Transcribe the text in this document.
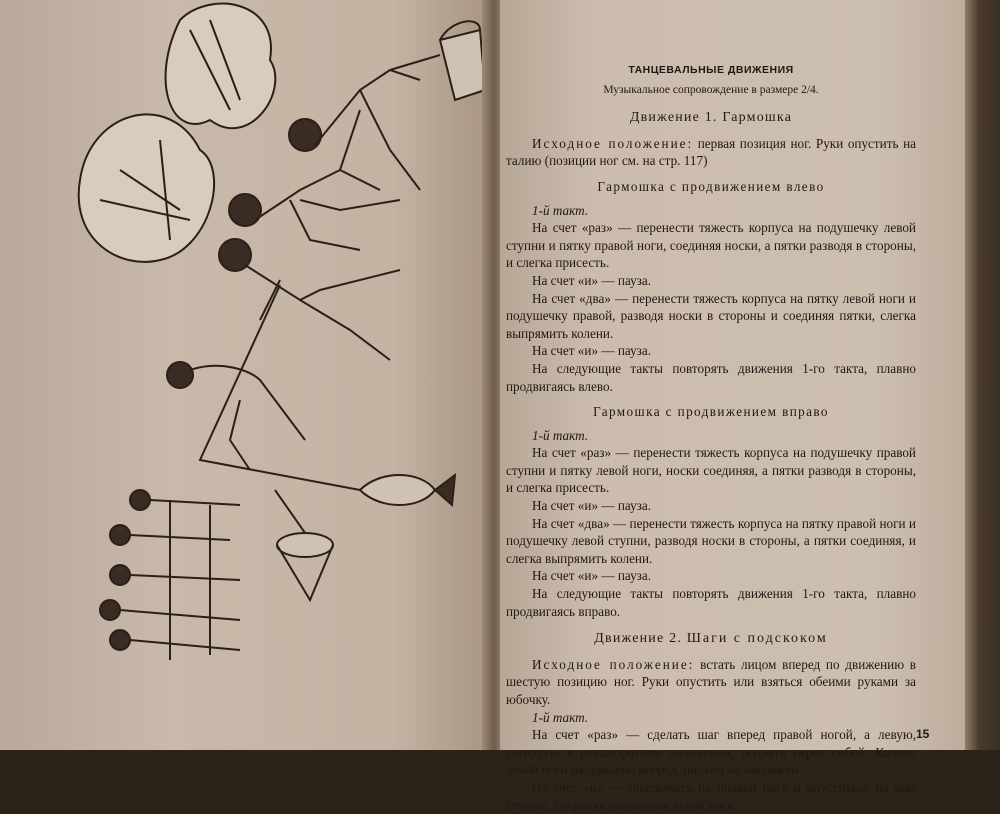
ТАНЦЕВАЛЬНЫЕ ДВИЖЕНИЯ

Музыкальное сопровождение в размере 2/4.

Движение 1. Гармошка

Исходное положение: первая позиция ног. Руки опустить на талию (позиции ног см. на стр. 117)

Гармошка с продвижением влево

1-й такт.

На счет «раз» — перенести тяжесть корпуса на подушечку левой ступни и пятку правой ноги, соединяя носки, а пятки разводя в стороны, и слегка присесть.

На счет «и» — пауза.

На счет «два» — перенести тяжесть корпуса на пятку левой ноги и подушечку правой, разводя носки в стороны и соединяя пятки, слегка выпрямить колени.

На счет «и» — пауза.

На следующие такты повторять движения 1-го такта, плавно продвигаясь влево.

Гармошка с продвижением вправо

1-й такт.

На счет «раз» — перенести тяжесть корпуса на подушечку правой ступни и пятку левой ноги, носки соединяя, а пятки разводя в стороны, и слегка присесть.

На счет «и» — пауза.

На счет «два» — перенести тяжесть корпуса на пятку правой ноги и подушечку левой ступни, разводя носки в стороны, а пятки соединяя, и слегка выпрямить колени.

На счет «и» — пауза.

На следующие такты повторять движения 1-го такта, плавно продвигаясь вправо.

Движение 2. Шаги с подскоком

Исходное положение: встать лицом вперед по движению в шестую позицию ног. Руки опустить или взяться обеими руками за юбочку.

1-й такт.

На счет «раз» — сделать шаг вперед правой ногой, а левую, согнутую в невыворотном положении, поднять перед собой. Колено левой ноги направлено вперед, подъем не напряжен.

На счет «и» — подскочить на правой ноге и опуститься на всю ступню, сохраняя положение левой ноги.

15
